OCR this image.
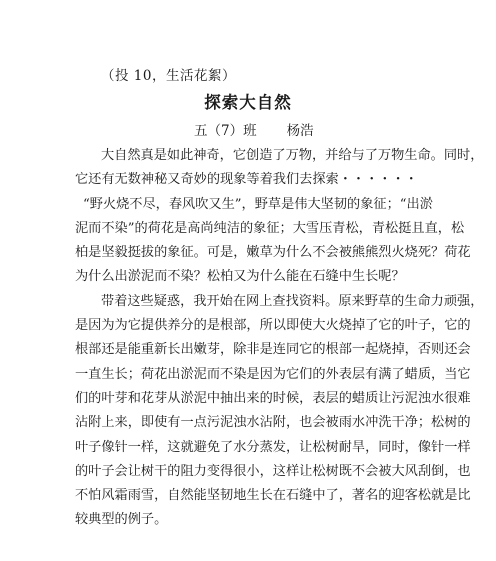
（投 10，生活花絮）
探索大自然
五（7）班 杨浩
大自然真是如此神奇，它创造了万物，并给与了万物生命。同时，
它还有无数神秘又奇妙的现象等着我们去探索・・・・・・
“野火烧不尽，春风吹又生”，野草是伟大坚韧的象征；“出淤
泥而不染”的荷花是高尚纯洁的象征；大雪压青松，青松挺且直，松
柏是坚毅挺拔的象征。可是，嫩草为什么不会被熊熊烈火烧死？荷花
为什么出淤泥而不染？松柏又为什么能在石缝中生长呢？
带着这些疑惑，我开始在网上查找资料。原来野草的生命力顽强，
是因为为它提供养分的是根部，所以即使大火烧掉了它的叶子，它的
根部还是能重新长出嫩芽，除非是连同它的根部一起烧掉，否则还会
一直生长；荷花出淤泥而不染是因为它们的外表层有满了蜡质，当它
们的叶芽和花芽从淤泥中抽出来的时候，表层的蜡质让污泥浊水很难
沾附上来，即使有一点污泥浊水沾附，也会被雨水冲洗干净；松树的
叶子像针一样，这就避免了水分蒸发，让松树耐旱，同时，像针一样
的叶子会让树干的阻力变得很小，这样让松树既不会被大风刮倒，也
不怕风霜雨雪，自然能坚韧地生长在石缝中了，著名的迎客松就是比
较典型的例子。
